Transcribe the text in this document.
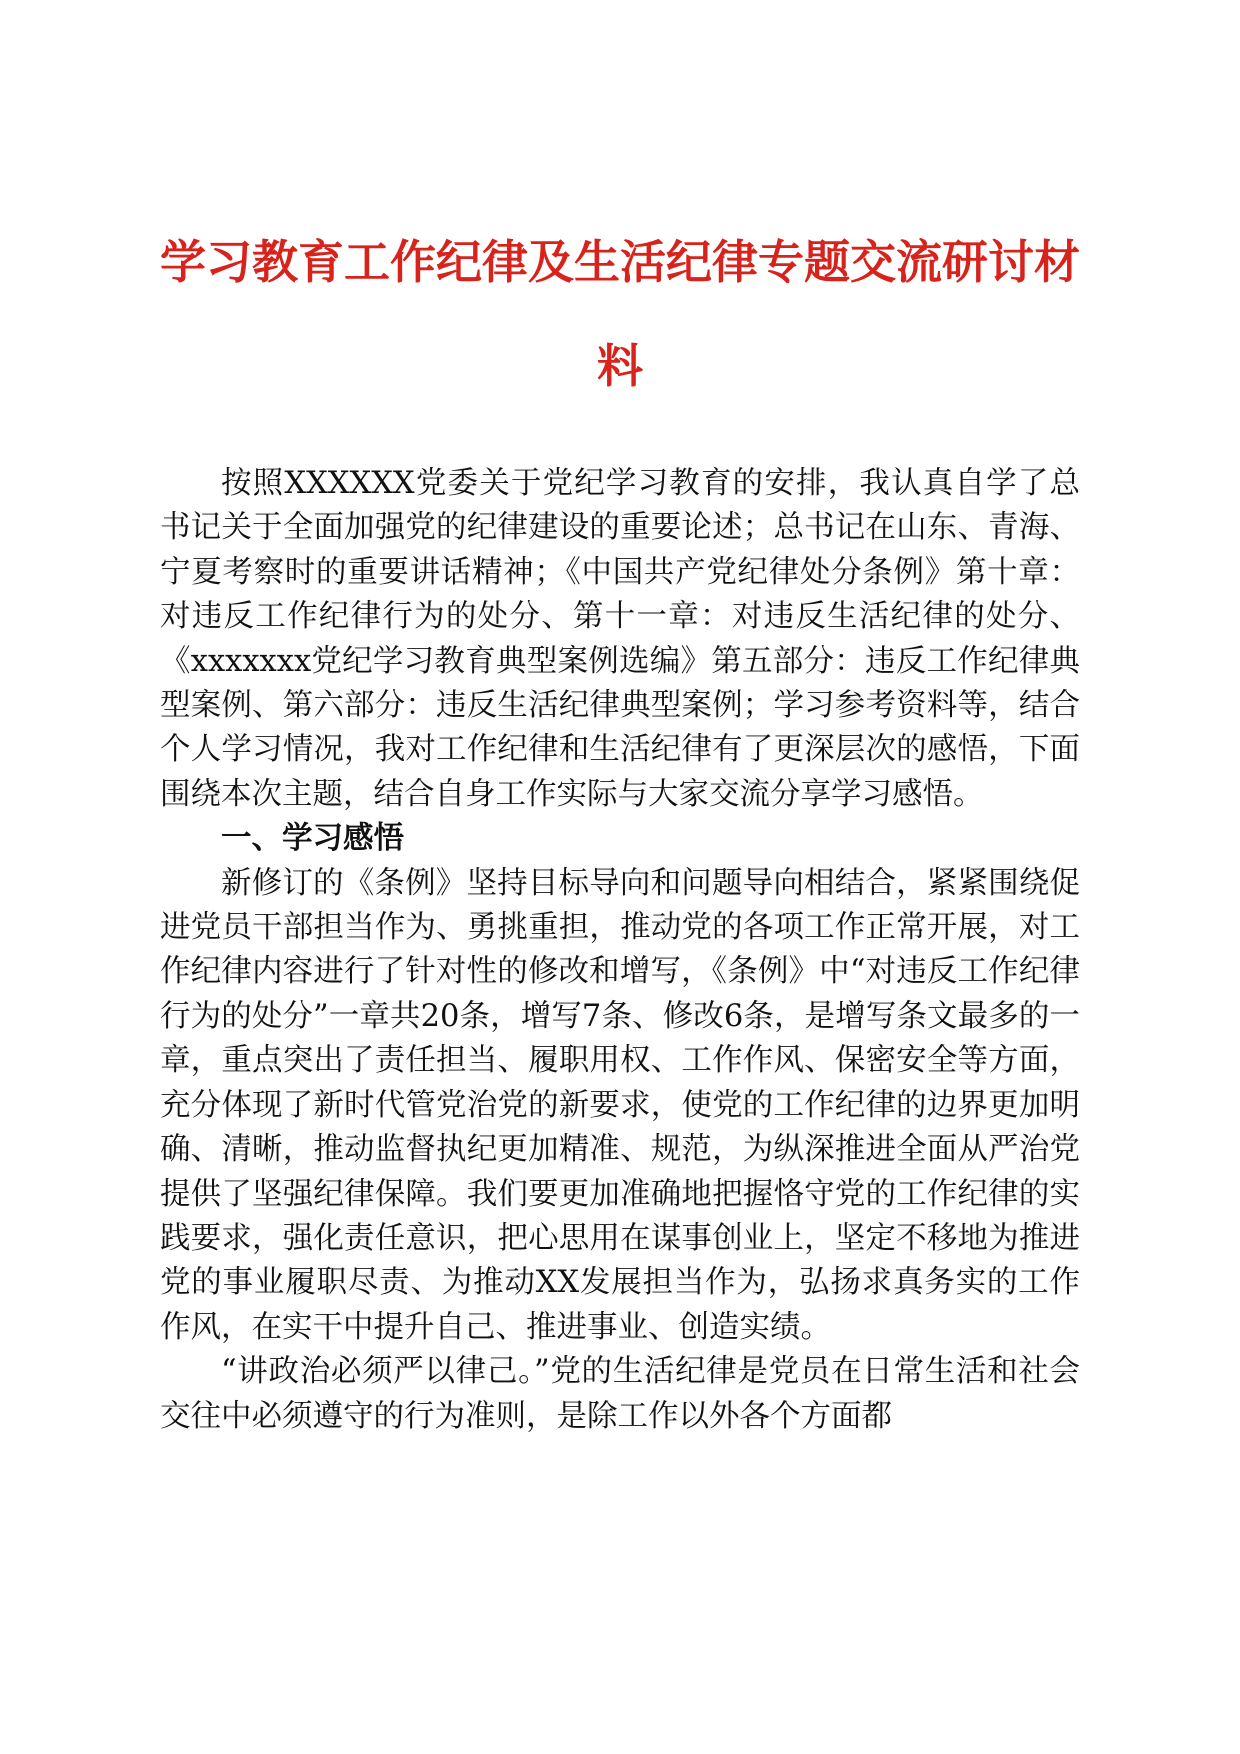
学习教育工作纪律及生活纪律专题交流研讨材
料

按照XXXXXX党委关于党纪学习教育的安排，我认真自学了总书记关于全面加强党的纪律建设的重要论述；总书记在山东、青海、宁夏考察时的重要讲话精神；《中国共产党纪律处分条例》第十章：对违反工作纪律行为的处分、第十一章：对违反生活纪律的处分、《xxxxxxx党纪学习教育典型案例选编》第五部分：违反工作纪律典型案例、第六部分：违反生活纪律典型案例；学习参考资料等，结合个人学习情况，我对工作纪律和生活纪律有了更深层次的感悟，下面围绕本次主题，结合自身工作实际与大家交流分享学习感悟。

一、学习感悟

新修订的《条例》坚持目标导向和问题导向相结合，紧紧围绕促进党员干部担当作为、勇挑重担，推动党的各项工作正常开展，对工作纪律内容进行了针对性的修改和增写，《条例》中“对违反工作纪律行为的处分”一章共20条，增写7条、修改6条，是增写条文最多的一章，重点突出了责任担当、履职用权、工作作风、保密安全等方面，充分体现了新时代管党治党的新要求，使党的工作纪律的边界更加明确、清晰，推动监督执纪更加精准、规范，为纵深推进全面从严治党提供了坚强纪律保障。我们要更加准确地把握恪守党的工作纪律的实践要求，强化责任意识，把心思用在谋事创业上，坚定不移地为推进党的事业履职尽责、为推动XX发展担当作为，弘扬求真务实的工作作风，在实干中提升自己、推进事业、创造实绩。

“讲政治必须严以律己。”党的生活纪律是党员在日常生活和社会交往中必须遵守的行为准则，是除工作以外各个方面都
